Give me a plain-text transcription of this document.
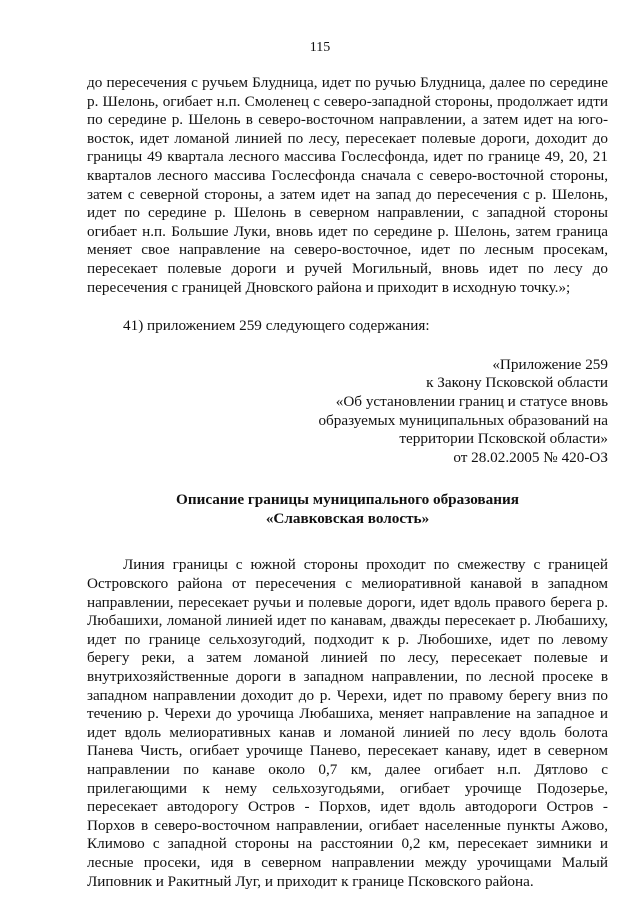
115

до пересечения с ручьем Блудница, идет по ручью Блудница, далее по середине р. Шелонь, огибает н.п. Смоленец с северо-западной стороны, продолжает идти по середине р. Шелонь в северо-восточном направлении, а затем идет на юго-восток, идет ломаной линией по лесу, пересекает полевые дороги, доходит до границы 49 квартала лесного массива Гослесфонда, идет по границе 49, 20, 21 кварталов лесного массива Гослесфонда сначала с северо-восточной стороны, затем с северной стороны, а затем идет на запад до пересечения с р. Шелонь, идет по середине р. Шелонь в северном направлении, с западной стороны огибает н.п. Большие Луки, вновь идет по середине р. Шелонь, затем граница меняет свое направление на северо-восточное, идет по лесным просекам, пересекает полевые дороги и ручей Могильный, вновь идет по лесу до пересечения с границей Дновского района и приходит в исходную точку.»;

41) приложением 259 следующего содержания:

«Приложение 259
к Закону Псковской области
«Об установлении границ и статусе вновь
образуемых муниципальных образований на
территории Псковской области»
от 28.02.2005 № 420-ОЗ
Описание границы муниципального образования
«Славковская волость»

Линия границы с южной стороны проходит по смежеству с границей Островского района от пересечения с мелиоративной канавой в западном направлении, пересекает ручьи и полевые дороги, идет вдоль правого берега р. Любашихи, ломаной линией идет по канавам, дважды пересекает р. Любашиху, идет по границе сельхозугодий, подходит к р. Любошихе, идет по левому берегу реки, а затем ломаной линией по лесу, пересекает полевые и внутрихозяйственные дороги в западном направлении, по лесной просеке в западном направлении доходит до р. Черехи, идет по правому берегу вниз по течению р. Черехи до урочища Любашиха, меняет направление на западное и идет вдоль мелиоративных канав и ломаной линией по лесу вдоль болота Панева Чисть, огибает урочище Панево, пересекает канаву, идет в северном направлении по канаве около 0,7 км, далее огибает н.п. Дятлово с прилегающими к нему сельхозугодьями, огибает урочище Подозерье, пересекает автодорогу Остров - Порхов, идет вдоль автодороги Остров - Порхов в северо-восточном направлении, огибает населенные пункты Ажово, Климово с западной стороны на расстоянии 0,2 км, пересекает зимники и лесные просеки, идя в северном направлении между урочищами Малый Липовник и Ракитный Луг, и приходит к границе Псковского района.
